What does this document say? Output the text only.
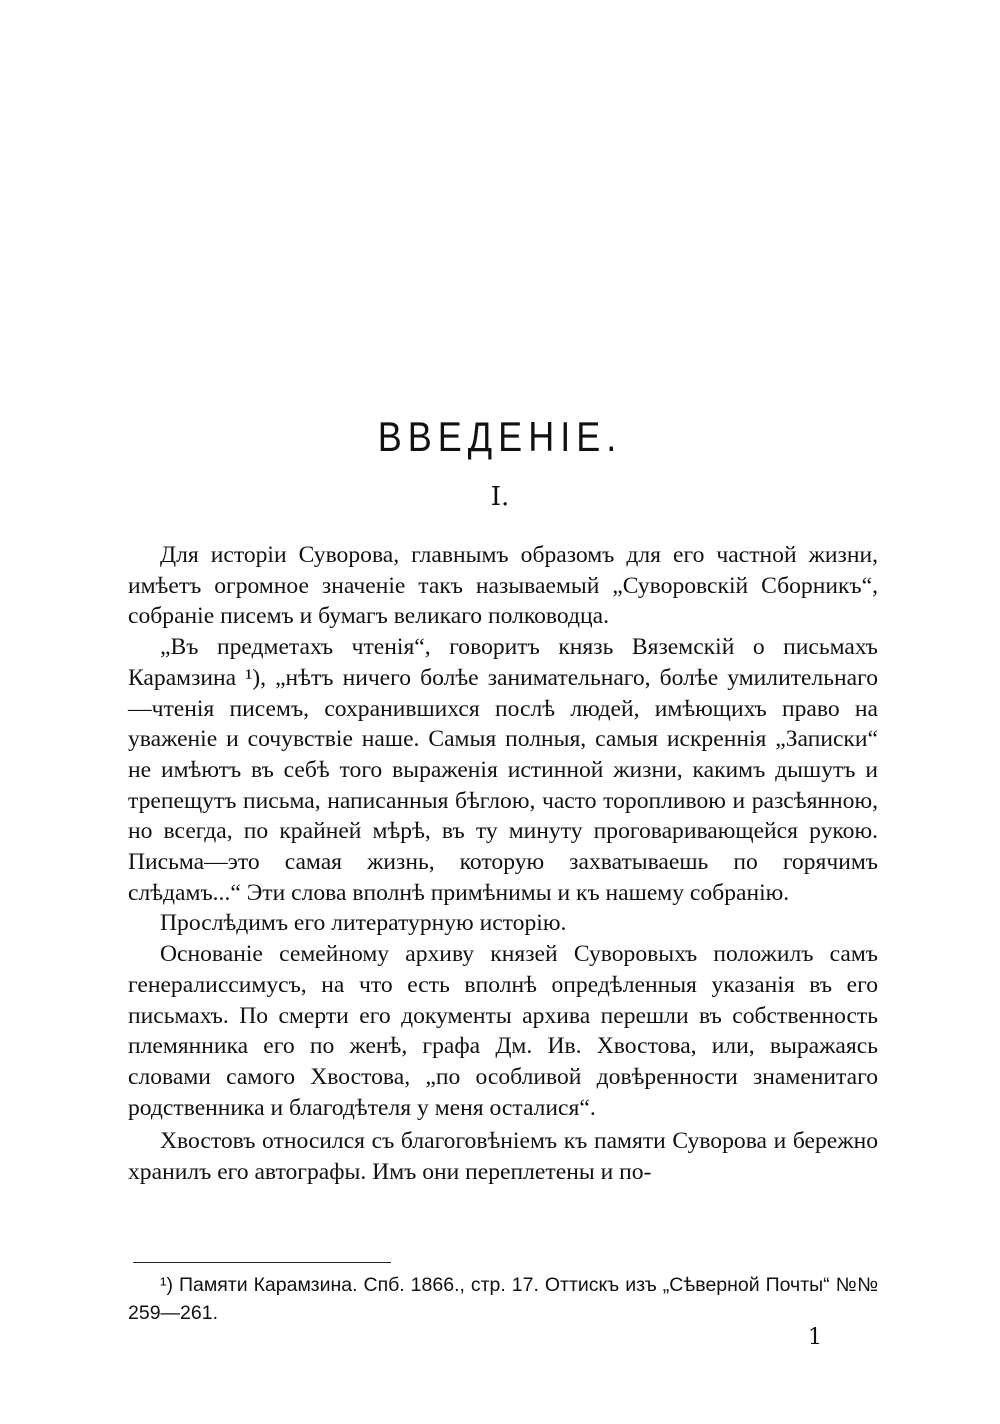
ВВЕДЕНІЕ.
I.

Для исторіи Суворова, главнымъ образомъ для его частной жизни, имѣетъ огромное значеніе такъ называемый „Суворовскій Сборникъ“, собраніе писемъ и бумагъ великаго полководца.

„Въ предметахъ чтенія“, говоритъ князь Вяземскій о письмахъ Карамзина ¹), „нѣтъ ничего болѣе занимательнаго, болѣе умилительнаго—чтенія писемъ, сохранившихся послѣ людей, имѣющихъ право на уваженіе и сочувствіе наше. Самыя полныя, самыя искреннія „Записки“ не имѣютъ въ себѣ того выраженія истинной жизни, какимъ дышутъ и трепещутъ письма, написанныя бѣглою, часто торопливою и разсѣянною, но всегда, по крайней мѣрѣ, въ ту минуту проговаривающейся рукою. Письма—это самая жизнь, которую захватываешь по горячимъ слѣдамъ...“ Эти слова вполнѣ примѣнимы и къ нашему собранію.

Прослѣдимъ его литературную исторію.

Основаніе семейному архиву князей Суворовыхъ положилъ самъ генералиссимусъ, на что есть вполнѣ опредѣленныя указанія въ его письмахъ. По смерти его документы архива перешли въ собственность племянника его по женѣ, графа Дм. Ив. Хвостова, или, выражаясь словами самого Хвостова, „по особливой довѣренности знаменитаго родственника и благодѣтеля у меня осталися“.

Хвостовъ относился съ благоговѣніемъ къ памяти Суворова и бережно хранилъ его автографы. Имъ они переплетены и по-

¹) Памяти Карамзина. Спб. 1866., стр. 17. Оттискъ изъ „Сѣверной Почты“ №№ 259—261.

1
